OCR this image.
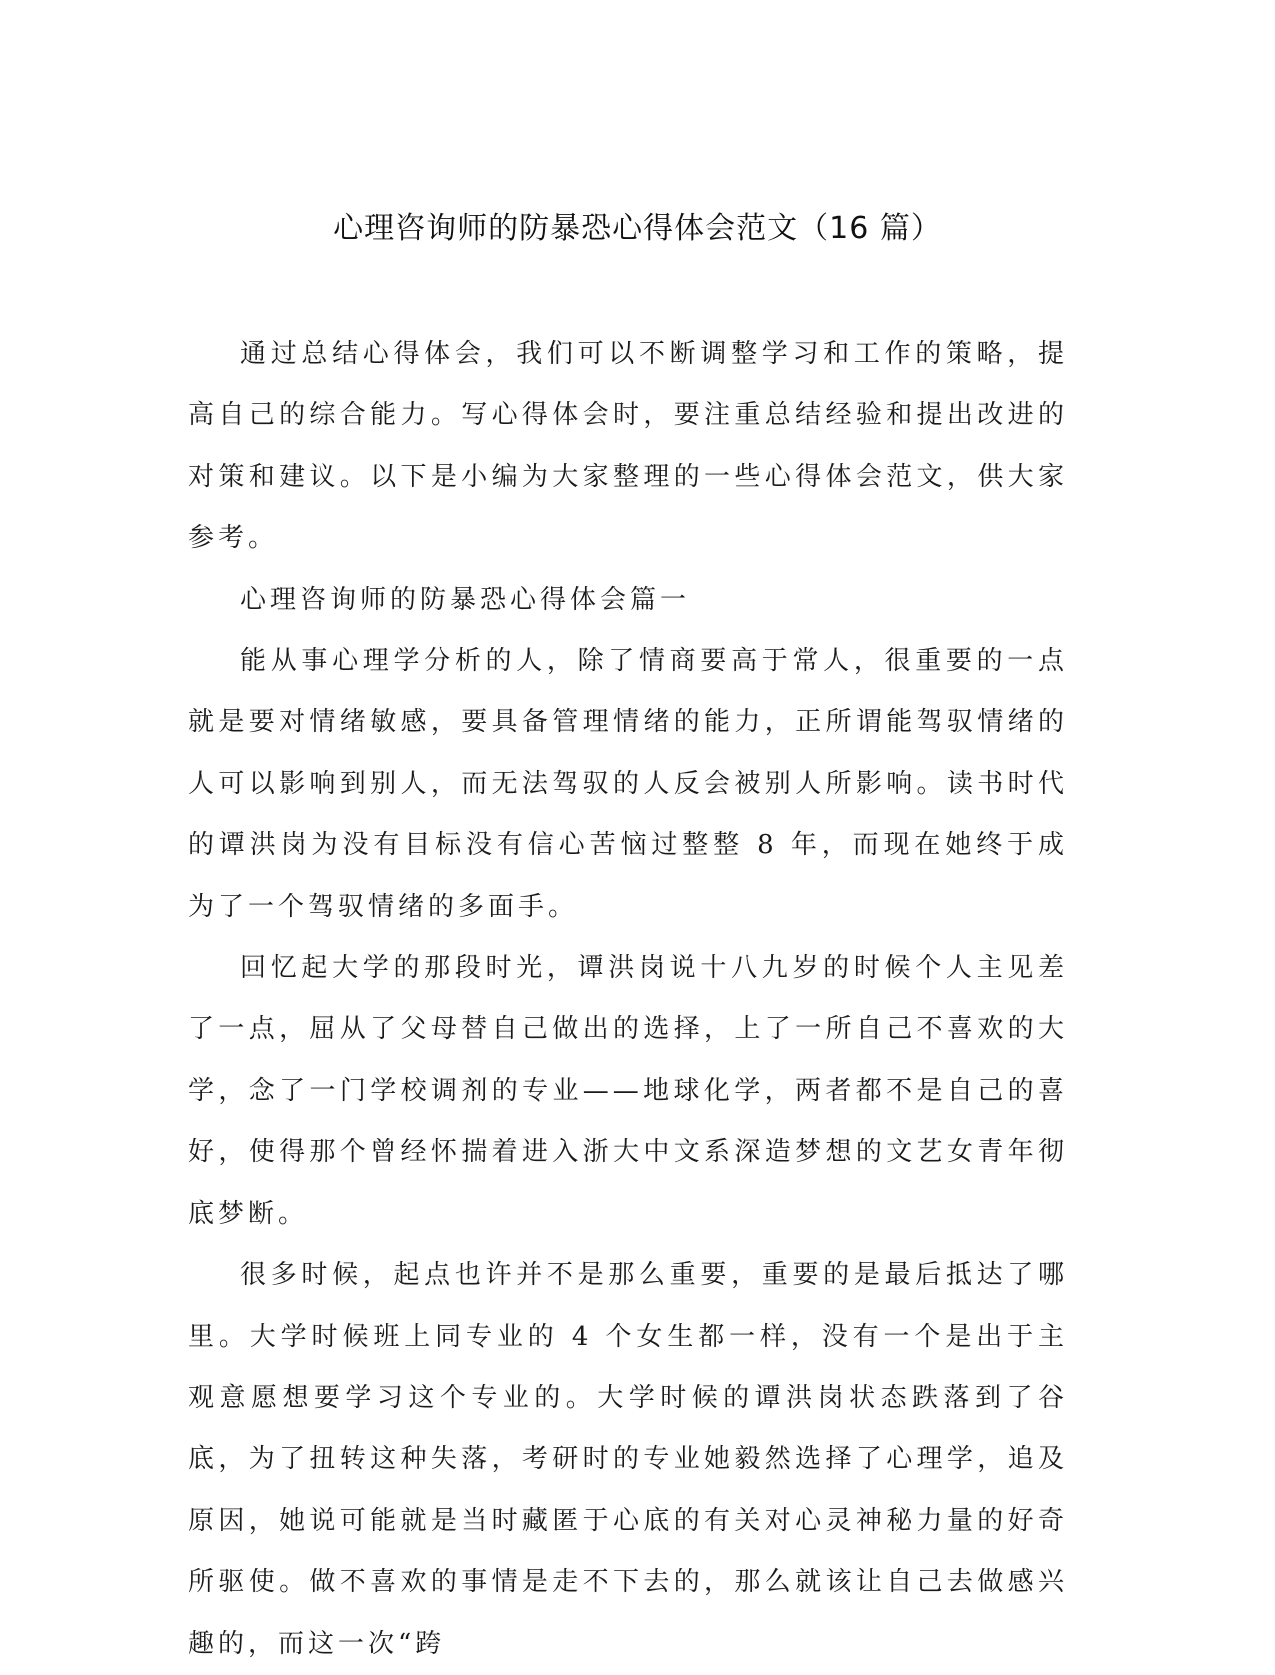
心理咨询师的防暴恐心得体会范文（16 篇）

通过总结心得体会，我们可以不断调整学习和工作的策略，提高自己的综合能力。写心得体会时，要注重总结经验和提出改进的对策和建议。以下是小编为大家整理的一些心得体会范文，供大家参考。

心理咨询师的防暴恐心得体会篇一

能从事心理学分析的人，除了情商要高于常人，很重要的一点就是要对情绪敏感，要具备管理情绪的能力，正所谓能驾驭情绪的人可以影响到别人，而无法驾驭的人反会被别人所影响。读书时代的谭洪岗为没有目标没有信心苦恼过整整 8 年，而现在她终于成为了一个驾驭情绪的多面手。

回忆起大学的那段时光，谭洪岗说十八九岁的时候个人主见差了一点，屈从了父母替自己做出的选择，上了一所自己不喜欢的大学，念了一门学校调剂的专业——地球化学，两者都不是自己的喜好，使得那个曾经怀揣着进入浙大中文系深造梦想的文艺女青年彻底梦断。

很多时候，起点也许并不是那么重要，重要的是最后抵达了哪里。大学时候班上同专业的 4 个女生都一样，没有一个是出于主观意愿想要学习这个专业的。大学时候的谭洪岗状态跌落到了谷底，为了扭转这种失落，考研时的专业她毅然选择了心理学，追及原因，她说可能就是当时藏匿于心底的有关对心灵神秘力量的好奇所驱使。做不喜欢的事情是走不下去的，那么就该让自己去做感兴趣的，而这一次“跨
